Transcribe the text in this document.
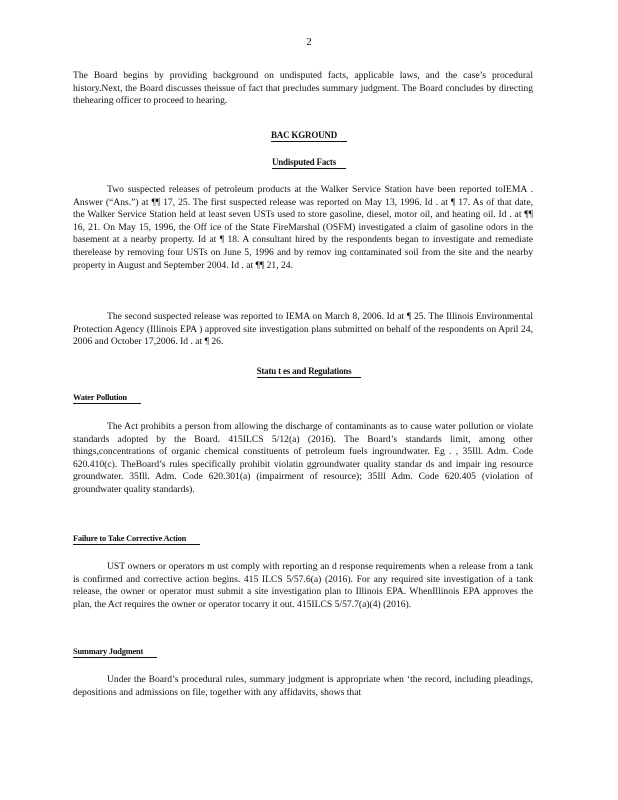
2

The Board begins by providing background on undisputed facts, applicable laws, and the case’s procedural history.Next, the Board discusses theissue of fact that precludes summary judgment. The Board concludes by directing thehearing officer to proceed to hearing.

BAC KGROUND
Undisputed Facts

Two suspected releases of petroleum products at the Walker Service Station have been reported toIEMA . Answer (“Ans.”) at ¶¶ 17, 25. The first suspected release was reported on May 13, 1996. Id . at ¶ 17. As of that date, the Walker Service Station held at least seven USTs used to store gasoline, diesel, motor oil, and heating oil. Id . at ¶¶ 16, 21. On May 15, 1996, the Off ice of the State FireMarshal (OSFM) investigated a claim of gasoline odors in the basement at a nearby property. Id at ¶ 18. A consultant hired by the respondents began to investigate and remediate therelease by removing four USTs on June 5, 1996 and by remov ing contaminated soil from the site and the nearby property in August and September 2004. Id . at ¶¶ 21, 24.

The second suspected release was reported to IEMA on March 8, 2006. Id at ¶ 25. The Illinois Environmental Protection Agency (Illinois EPA ) approved site investigation plans submitted on behalf of the respondents on April 24, 2006 and October 17,2006. Id . at ¶ 26.

Statu t es and Regulations
Water Pollution

The Act prohibits a person from allowing the discharge of contaminants as to cause water pollution or violate standards adopted by the Board. 415ILCS 5/12(a) (2016). The Board’s standards limit, among other things,concentrations of organic chemical constituents of petroleum fuels ingroundwater. Eg . , 35Ill. Adm. Code 620.410(c). TheBoard’s rules specifically prohibit violatin ggroundwater quality standar ds and impair ing resource groundwater. 35Ill. Adm. Code 620.301(a) (impairment of resource); 35Ill Adm. Code 620.405 (violation of groundwater quality standards).

Failure to Take Corrective Action

UST owners or operators m ust comply with reporting an d response requirements when a release from a tank is confirmed and corrective action begins. 415 ILCS 5/57.6(a) (2016). For any required site investigation of a tank release, the owner or operator must submit a site investigation plan to Illinois EPA. WhenIllinois EPA approves the plan, the Act requires the owner or operator tocarry it out. 415ILCS 5/57.7(a)(4) (2016).

Summary Judgment

Under the Board’s procedural rules, summary judgment is appropriate when ‘the record, including pleadings, depositions and admissions on file, together with any affidavits, shows that
